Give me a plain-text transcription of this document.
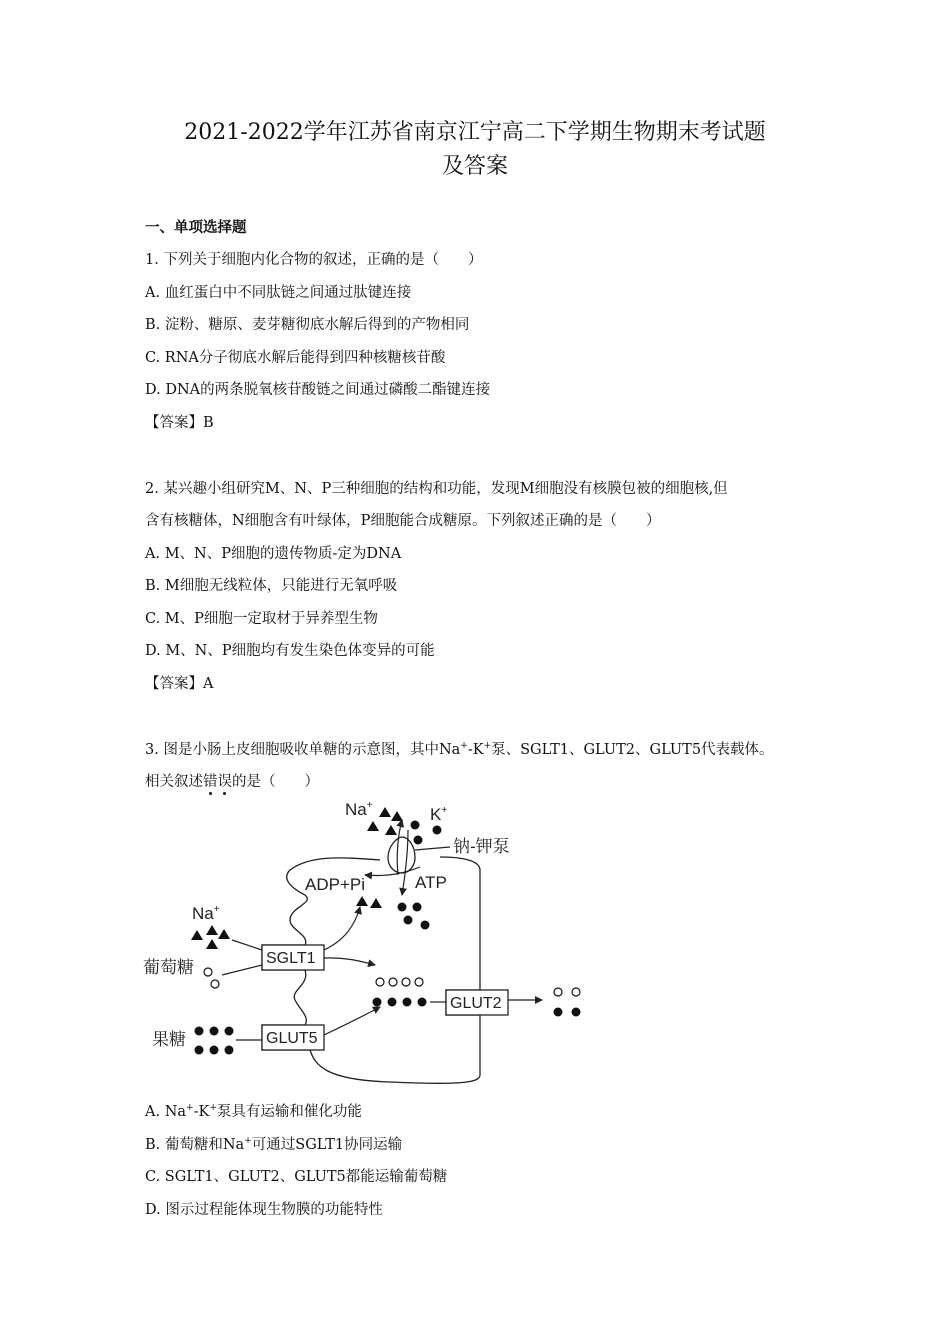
2021-2022学年江苏省南京江宁高二下学期生物期末考试题
及答案
一、单项选择题
1. 下列关于细胞内化合物的叙述，正确的是（　　）
A. 血红蛋白中不同肽链之间通过肽键连接
B. 淀粉、糖原、麦芽糖彻底水解后得到的产物相同
C. RNA分子彻底水解后能得到四种核糖核苷酸
D. DNA的两条脱氧核苷酸链之间通过磷酸二酯键连接
【答案】B
2. 某兴趣小组研究M、N、P三种细胞的结构和功能，发现M细胞没有核膜包被的细胞核,但
含有核糖体，N细胞含有叶绿体，P细胞能合成糖原。下列叙述正确的是（　　）
A. M、N、P细胞的遗传物质-定为DNA
B. M细胞无线粒体，只能进行无氧呼吸
C. M、P细胞一定取材于异养型生物
D. M、N、P细胞均有发生染色体变异的可能
【答案】A
3. 图是小肠上皮细胞吸收单糖的示意图，其中Na+-K+泵、SGLT1、GLUT2、GLUT5代表载体。
相关叙述错
误
的是（　　）
Na+	K+
钠-钾泵
ADP+Pi	ATP
Na+
葡萄糖	SGLT1
GLUT2
果糖	GLUT5
A. Na+-K+泵具有运输和催化功能
B. 葡萄糖和Na+可通过SGLT1协同运输
C. SGLT1、GLUT2、GLUT5都能运输葡萄糖
D. 图示过程能体现生物膜的功能特性
